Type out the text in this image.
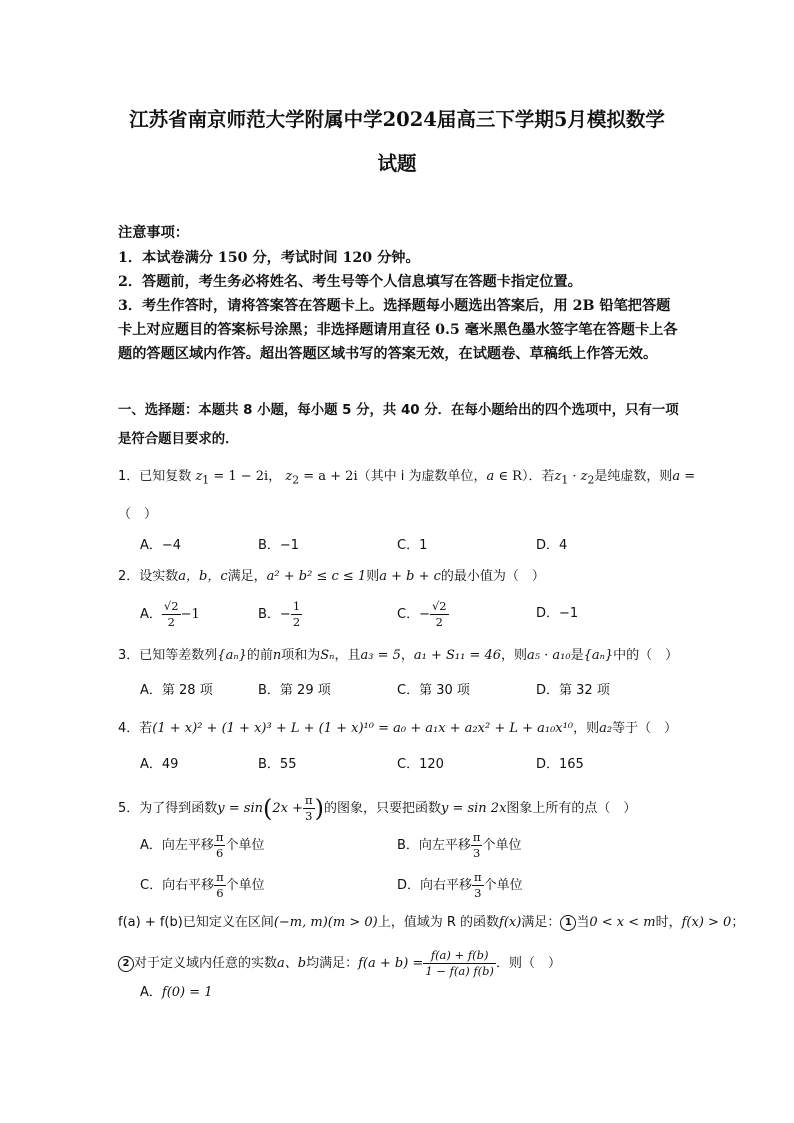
江苏省南京师范大学附属中学2024届高三下学期5月模拟数学
试题
注意事项：
1．本试卷满分 150 分，考试时间 120 分钟。
2．答题前，考生务必将姓名、考生号等个人信息填写在答题卡指定位置。
3．考生作答时，请将答案答在答题卡上。选择题每小题选出答案后，用 2B 铅笔把答题卡上对应题目的答案标号涂黑；非选择题请用直径 0.5 毫米黑色墨水签字笔在答题卡上各题的答题区域内作答。超出答题区域书写的答案无效，在试题卷、草稿纸上作答无效。
一、选择题：本题共 8 小题，每小题 5 分，共 40 分．在每小题给出的四个选项中，只有一项是符合题目要求的．
1．已知复数 $z_1 = 1 - 2i$， $z_2 = a + 2i$（其中 i 为虚数单位，a ∈ R）．若$z_1 \cdot z_2$是纯虚数，则a =
（　）
A．−4	B．−1	C．1	D．4
2．设实数a，b，c满足，a² + b² ≤ c ≤ 1则a + b + c的最小值为（　）
A． $\frac{√2}{2} -1$	B．− $\frac{1}{2}$	C．− $\frac{√2}{2}$	D．−1
3．已知等差数列{aₙ}的前n项和为Sₙ，且a₃ = 5，a₁ + S₁₁ = 46，则a₅ · a₁₀是{aₙ}中的（　）
A．第 28 项	B．第 29 项	C．第 30 项	D．第 32 项
4．若(1 + x)² + (1 + x)³ + L + (1 + x)¹⁰ = a₀ + a₁x + a₂x² + L + a₁₀x¹⁰，则a₂等于（　）
A．49	B．55	C．120	D．165
5．为了得到函数$y = \sin(2x + \frac{\pi}{3}$ )的图象，只要把函数y = sin 2x图象上所有的点（　）
A．向左平移 $\frac{\pi}{6}$ 个单位	B．向左平移 $\frac{\pi}{3}$ 个单位
C．向右平移 $\frac{\pi}{6}$ 个单位	D．向右平移 $\frac{\pi}{3}$ 个单位
f(a) + f(b)已知定义在区间(−m, m)(m > 0)上，值域为 R 的函数f(x)满足： 1 当0 < x < m时，f(x) > 0；
2 对于定义域内任意的实数a、b均满足：$f(a + b) = \frac{f(a) + f(b)}{1 - f(a) f(b)}$ ．则（　）
A．f(0) = 1
